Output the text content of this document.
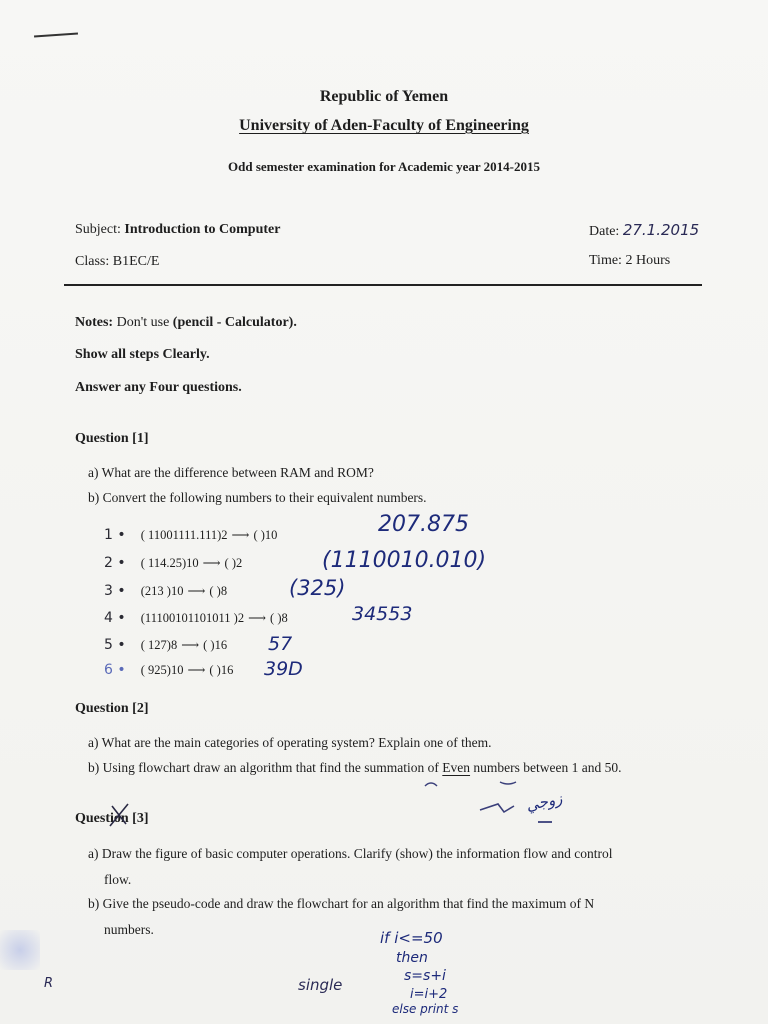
Republic of Yemen
University of Aden-Faculty of Engineering
Odd semester examination for Academic year 2014-2015
Subject: Introduction to Computer	Date: 27.1.2015
Class: B1EC/E	Time: 2 Hours
Notes: Don't use (pencil - Calculator).
Show all steps Clearly.
Answer any Four questions.
Question [1]
a) What are the difference between RAM and ROM?
b) Convert the following numbers to their equivalent numbers.
1 • ( 11001111.111)2 ⟶ ( )10	207.875
2 • ( 114.25)10 ⟶ ( )2	(1110010.010)
3 • (213 )10 ⟶ ( )8	(325)
4 • (11100101101011 )2 ⟶ ( )8	34553
5 • ( 127)8 ⟶ ( )16 57
6 • ( 925)10 ⟶ ( )16 39D
Question [2]
a) What are the main categories of operating system? Explain one of them.
b) Using flowchart draw an algorithm that find the summation of Even numbers between 1 and 50.
زوجي
Question [3]
a) Draw the figure of basic computer operations. Clarify (show) the information flow and control
flow.
b) Give the pseudo-code and draw the flowchart for an algorithm that find the maximum of N
numbers.	if i<=50
then
s=s+i
i=i+2
else print s
single
R
